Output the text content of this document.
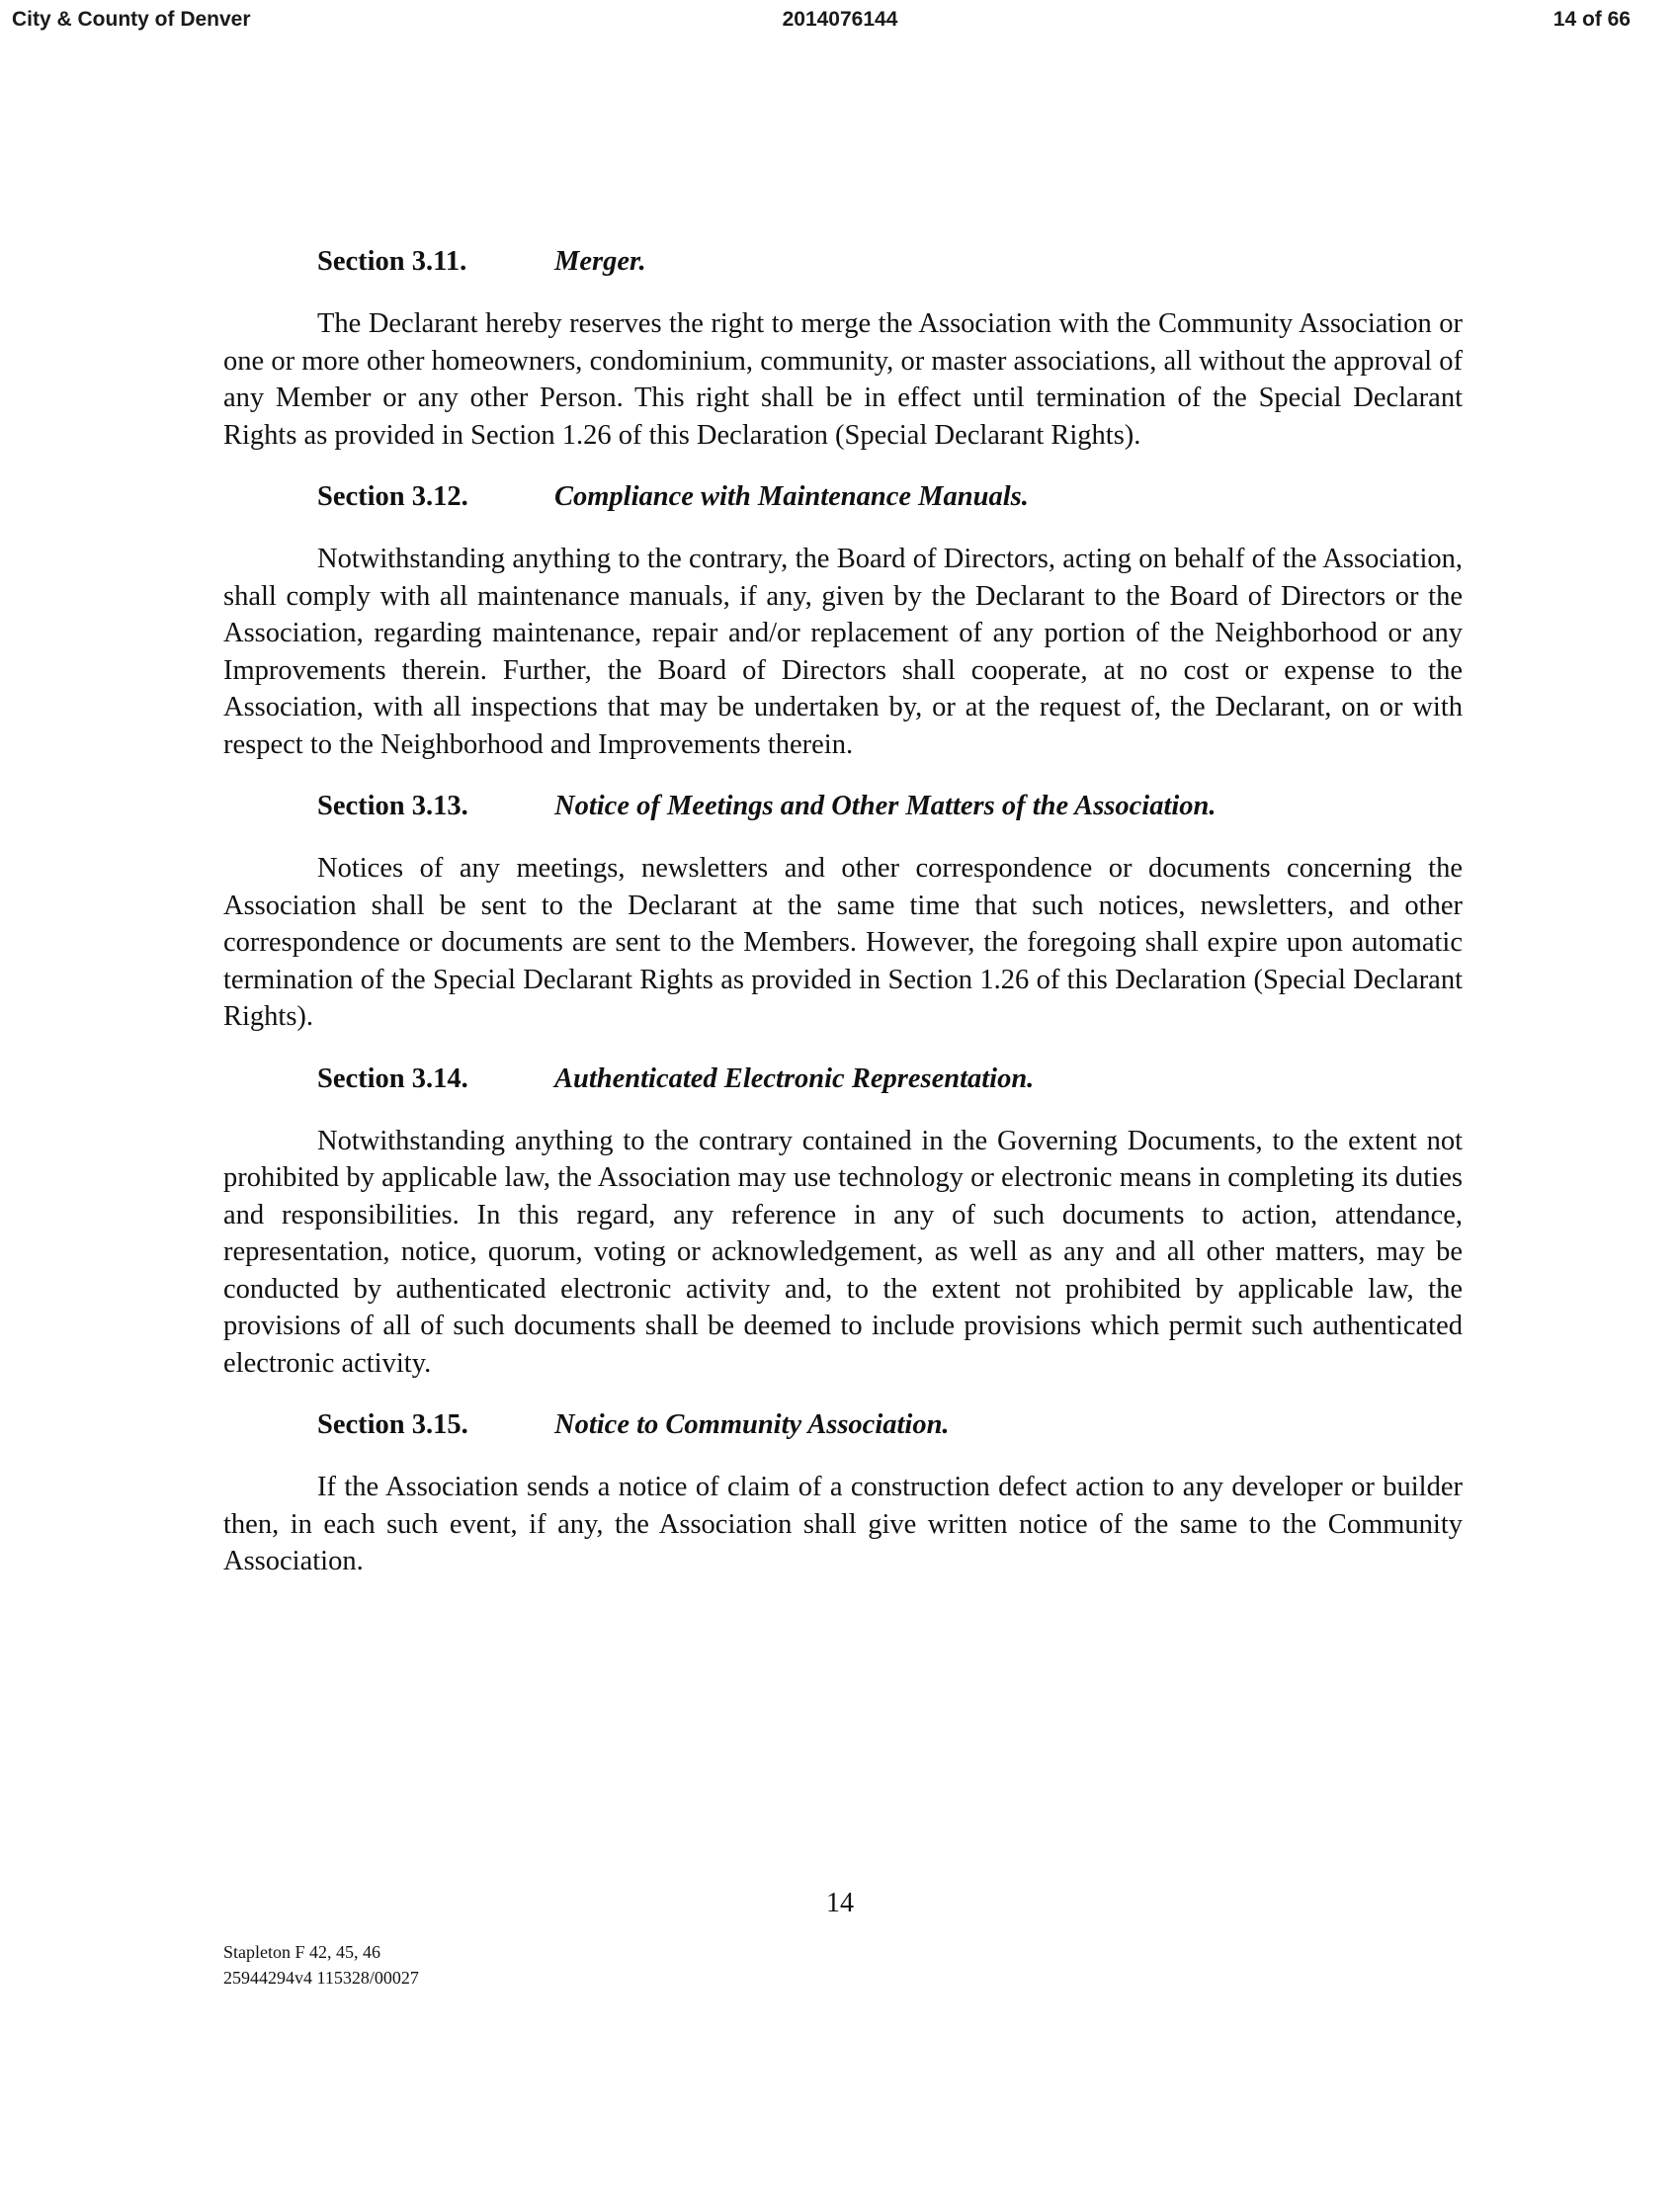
City & County of Denver	2014076144	14 of 66

Section 3.11.	Merger.

The Declarant hereby reserves the right to merge the Association with the Community Association or one or more other homeowners, condominium, community, or master associations, all without the approval of any Member or any other Person. This right shall be in effect until termination of the Special Declarant Rights as provided in Section 1.26 of this Declaration (Special Declarant Rights).

Section 3.12.	Compliance with Maintenance Manuals.

Notwithstanding anything to the contrary, the Board of Directors, acting on behalf of the Association, shall comply with all maintenance manuals, if any, given by the Declarant to the Board of Directors or the Association, regarding maintenance, repair and/or replacement of any portion of the Neighborhood or any Improvements therein. Further, the Board of Directors shall cooperate, at no cost or expense to the Association, with all inspections that may be undertaken by, or at the request of, the Declarant, on or with respect to the Neighborhood and Improvements therein.

Section 3.13.	Notice of Meetings and Other Matters of the Association.

Notices of any meetings, newsletters and other correspondence or documents concerning the Association shall be sent to the Declarant at the same time that such notices, newsletters, and other correspondence or documents are sent to the Members. However, the foregoing shall expire upon automatic termination of the Special Declarant Rights as provided in Section 1.26 of this Declaration (Special Declarant Rights).

Section 3.14.	Authenticated Electronic Representation.

Notwithstanding anything to the contrary contained in the Governing Documents, to the extent not prohibited by applicable law, the Association may use technology or electronic means in completing its duties and responsibilities. In this regard, any reference in any of such documents to action, attendance, representation, notice, quorum, voting or acknowledgement, as well as any and all other matters, may be conducted by authenticated electronic activity and, to the extent not prohibited by applicable law, the provisions of all of such documents shall be deemed to include provisions which permit such authenticated electronic activity.

Section 3.15.	Notice to Community Association.

If the Association sends a notice of claim of a construction defect action to any developer or builder then, in each such event, if any, the Association shall give written notice of the same to the Community Association.

14
Stapleton F 42, 45, 46
25944294v4 115328/00027
